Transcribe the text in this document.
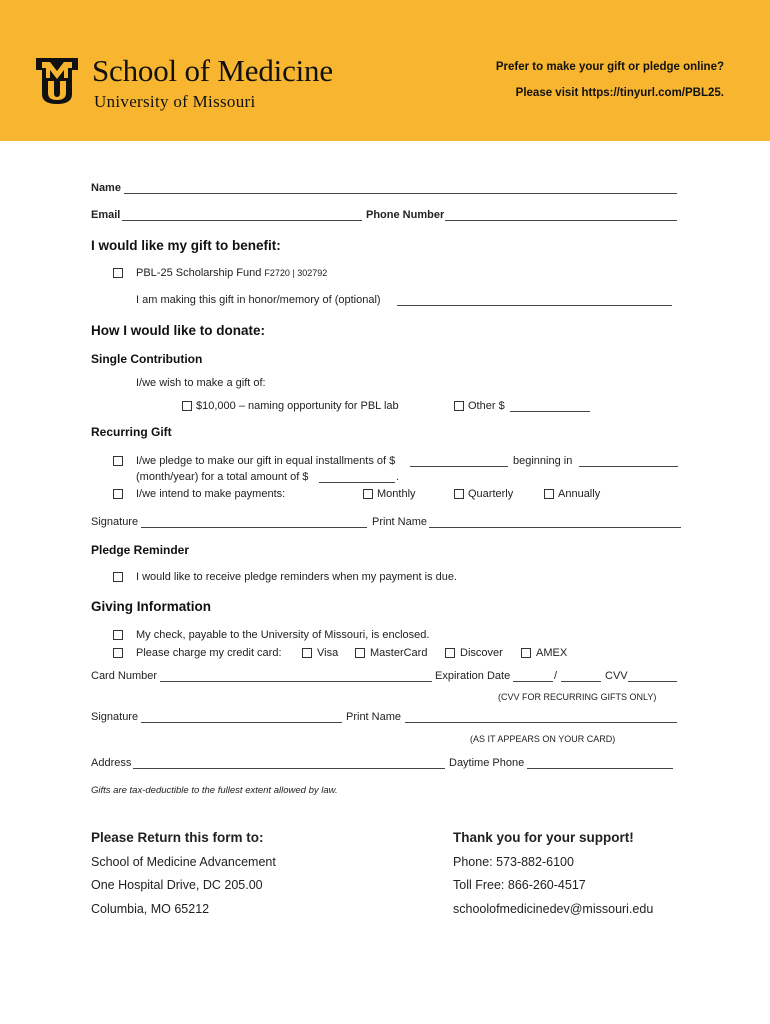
School of Medicine
University of Missouri
Prefer to make your gift or pledge online?
Please visit https://tinyurl.com/PBL25.
Name
Email	Phone Number
I would like my gift to benefit:
PBL-25 Scholarship Fund F2720 | 302792
I am making this gift in honor/memory of (optional)
How I would like to donate:
Single Contribution
I/we wish to make a gift of:
$10,000 – naming opportunity for PBL lab	Other $
Recurring Gift
I/we pledge to make our gift in equal installments of $	beginning in
(month/year) for a total amount of $	.
I/we intend to make payments:	Monthly	Quarterly	Annually
Signature	Print Name
Pledge Reminder
I would like to receive pledge reminders when my payment is due.
Giving Information
My check, payable to the University of Missouri, is enclosed.
Please charge my credit card:	Visa	MasterCard	Discover	AMEX
Card Number	Expiration Date	/	CVV
(CVV FOR RECURRING GIFTS ONLY)
Signature	Print Name
(AS IT APPEARS ON YOUR CARD)
Address	Daytime Phone
Gifts are tax-deductible to the fullest extent allowed by law.
Please Return this form to:
School of Medicine Advancement
One Hospital Drive, DC 205.00
Columbia, MO 65212
Thank you for your support!
Phone: 573-882-6100
Toll Free: 866-260-4517
schoolofmedicinedev@missouri.edu
